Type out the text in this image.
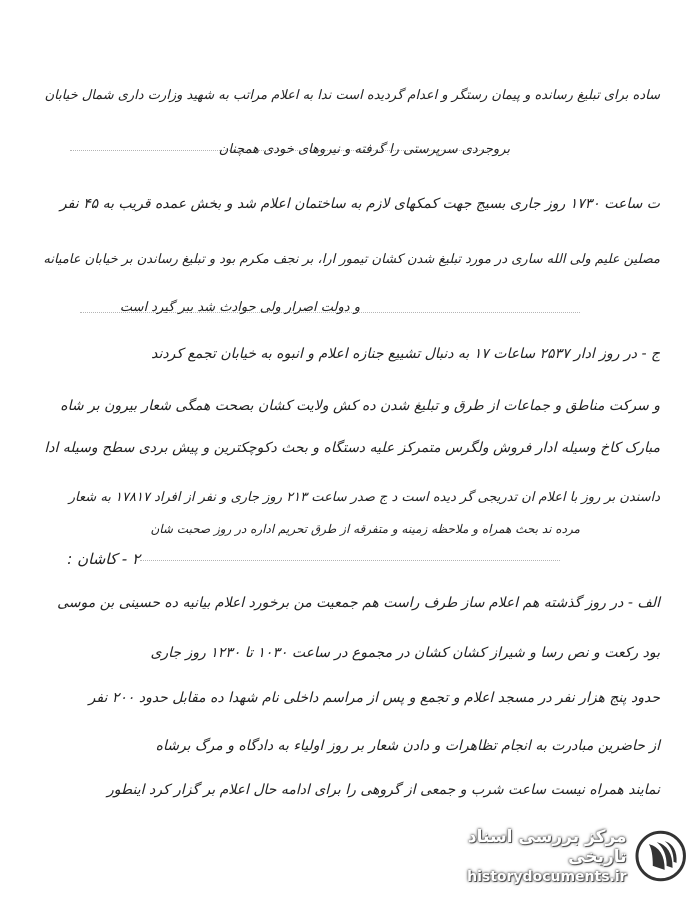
ساده برای تبلیغ رسانده و پیمان رستگر و اعدام گردیده است ندا به اعلام مراتب به شهید وزارت داری شمال خیابان
بروجردی سرپرستی را گرفته و نیروهای خودی همچنان
ت ساعت ۱۷۳۰ روز جاری بسیج جهت کمکهای لازم به ساختمان اعلام شد و بخش عمده قریب به ۴۵ نفر
مصلین علیم ولی الله ساری در مورد تبلیغ شدن کشان تیمور ارا، بر نجف مکرم بود و تبلیغ رساندن بر خیابان عامیانه
و دولت اصرار ولی حوادث شد ببر گیرد است
ج - در روز ادار ۲۵۳۷ ساعات ۱۷ به دنبال تشییع جنازه اعلام و انبوه به خیابان تجمع کردند
و سرکت مناطق و جماعات از طرق و تبلیغ شدن ده کش ولایت کشان بصحت همگی شعار بیرون بر شاه
مبارک کاخ وسیله ادار فروش ولگرس متمرکز علیه دستگاه و بحث دکوچکترین و پیش بردی سطح وسیله ادا
داسندن بر روز با اعلام ان تدریجی گر دیده است د ج صدر ساعت ۲۱۳ روز جاری و نفر از افراد ۱۷۸۱۷ به شعار
مرده ند بحث همراه و ملاحظه زمینه و متفرقه از طرق تحریم اداره در روز صحبت شان
۲ - کاشان :
الف - در روز گذشته هم اعلام ساز طرف راست هم جمعیت من برخورد اعلام بیانیه ده حسینی بن موسی
بود رکعت و نص رسا و شیراز کشان کشان در مجموع در ساعت ۱۰۳۰ تا ۱۲۳۰ روز جاری
حدود پنج هزار نفر در مسجد اعلام و تجمع و پس از مراسم داخلی نام شهدا ده مقابل حدود ۲۰۰ نفر
از حاضرین مبادرت به انجام تظاهرات و دادن شعار بر روز اولیاء به دادگاه و مرگ برشاه
نمایند همراه نیست ساعت شرب و جمعی از گروهی را برای ادامه حال اعلام بر گزار کرد اینطور
مرکز بررسی اسناد تاریخی
historydocuments.ir
